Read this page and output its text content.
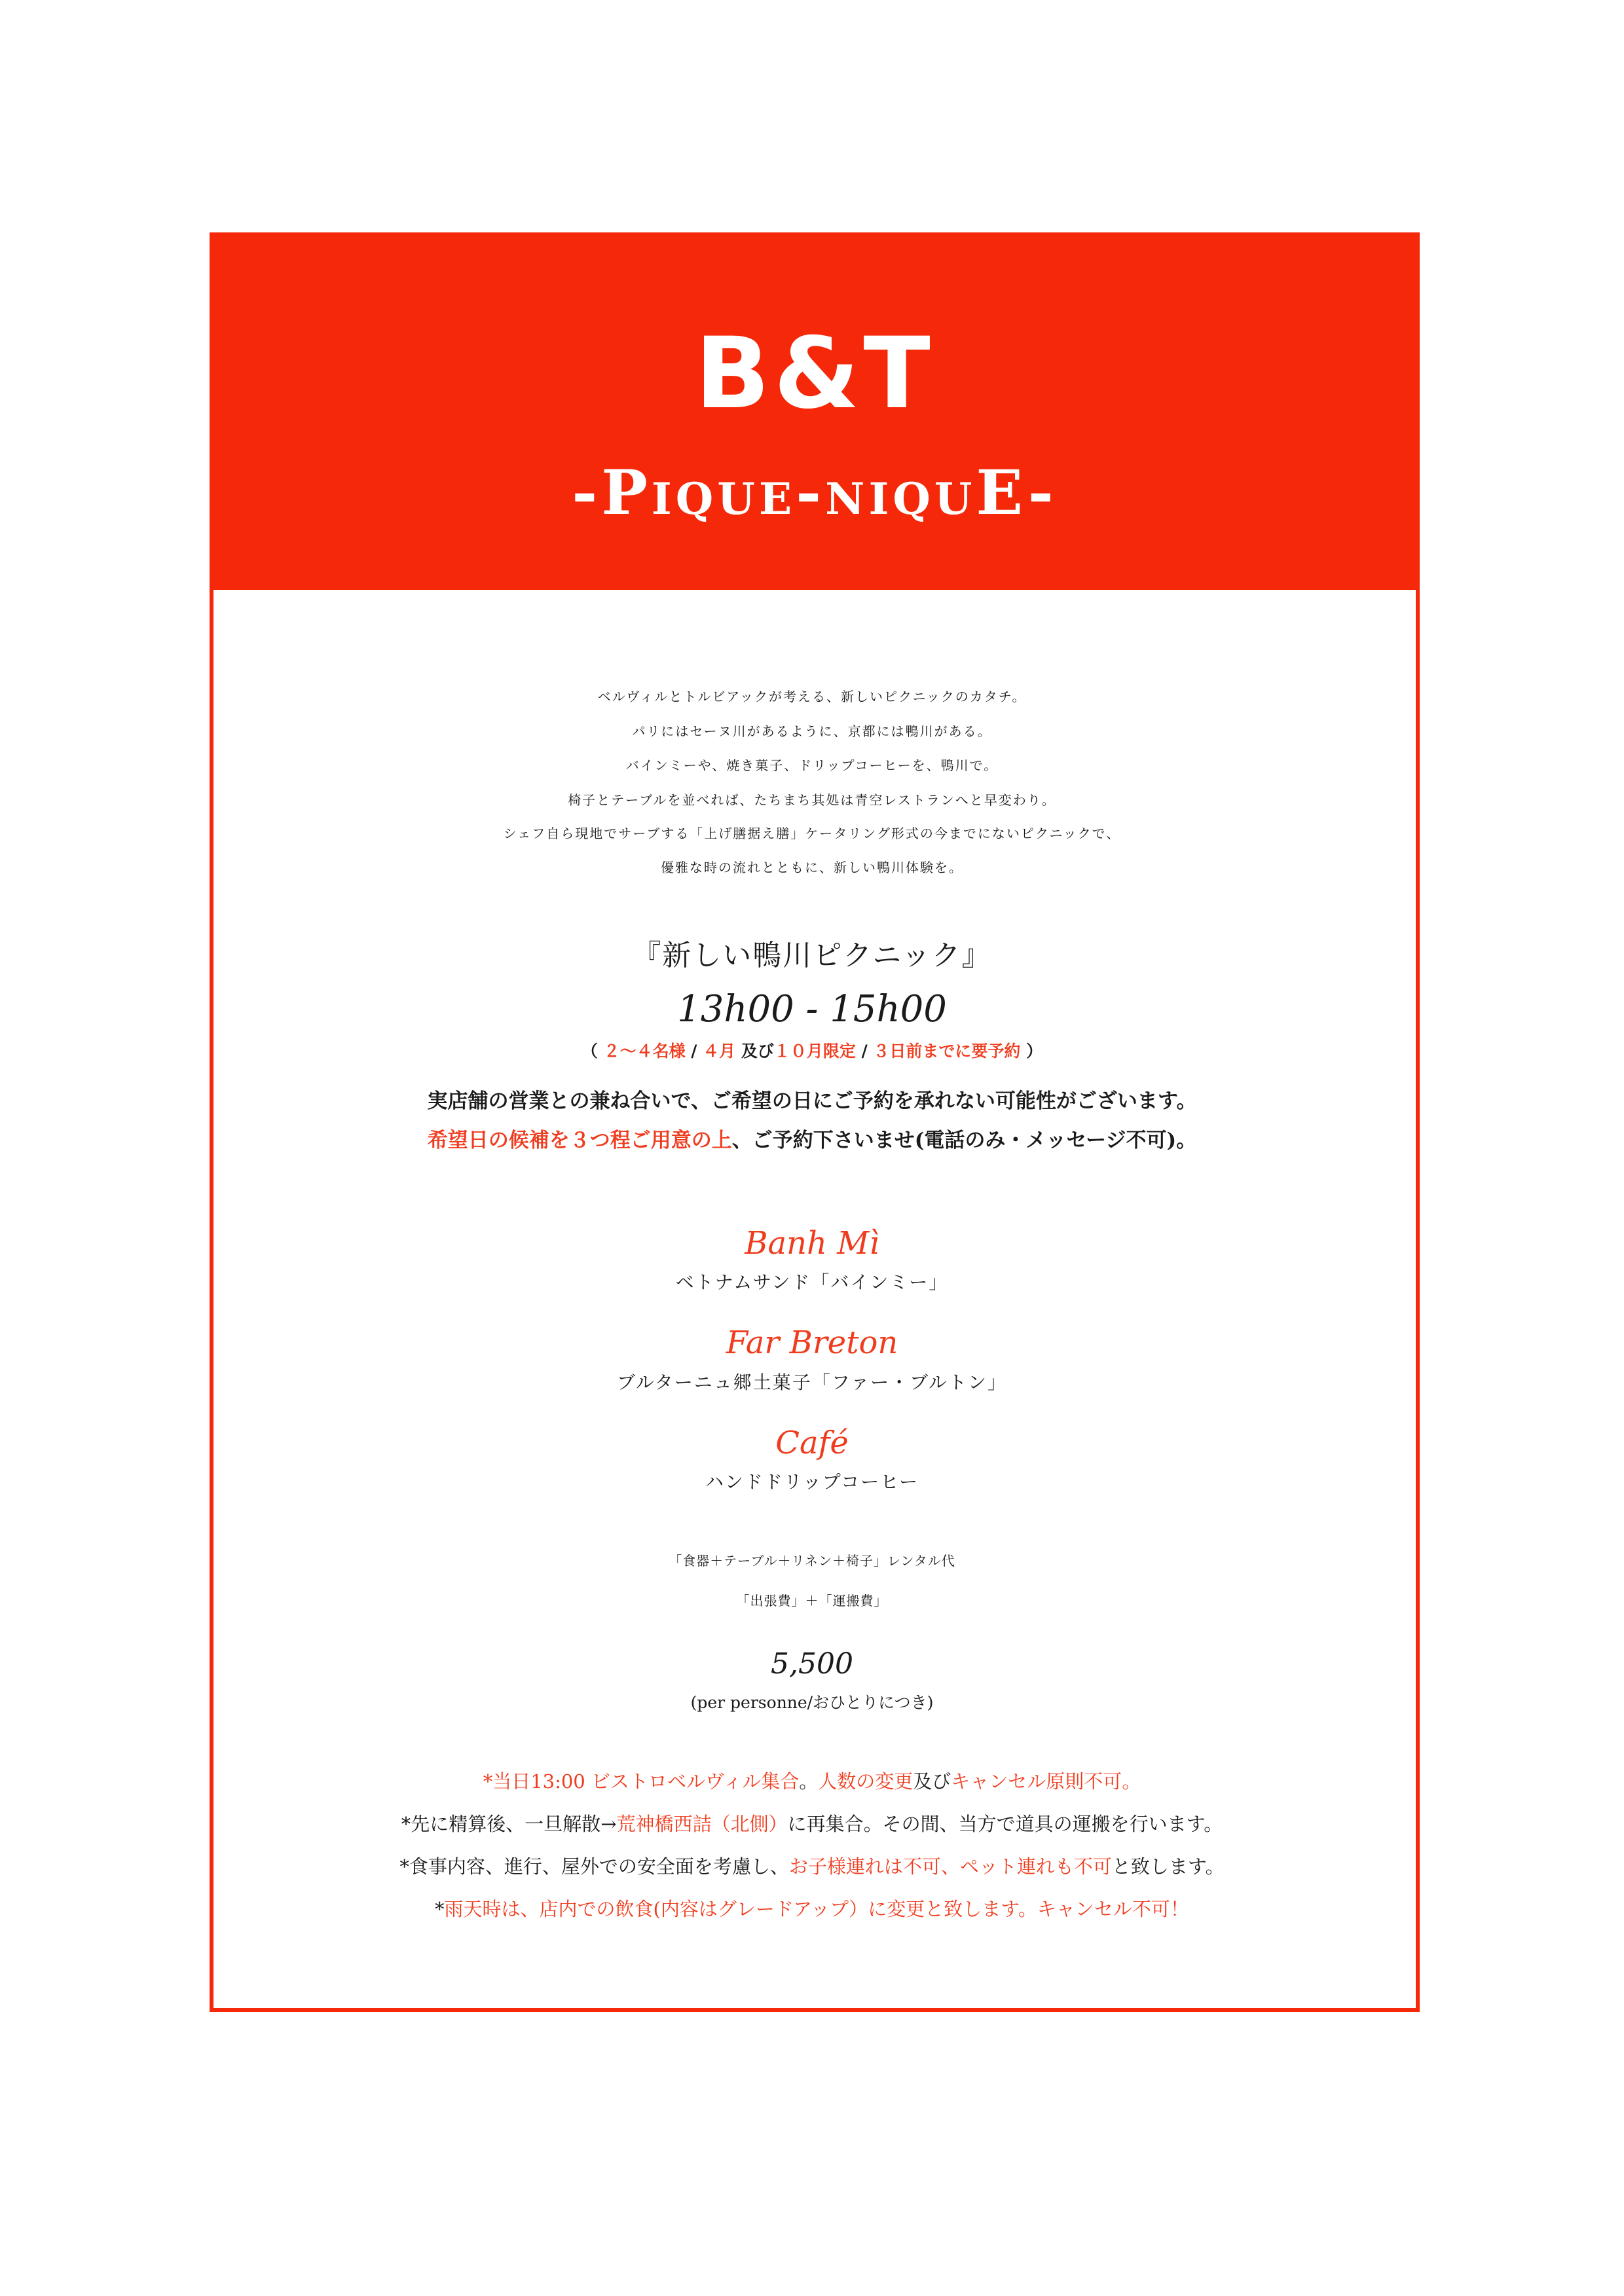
B&T
-Pique-niquE-
ベルヴィルとトルビアックが考える、新しいピクニックのカタチ。
パリにはセーヌ川があるように、京都には鴨川がある。
バインミーや、焼き菓子、ドリップコーヒーを、鴨川で。
椅子とテーブルを並べれば、たちまち其処は青空レストランへと早変わり。
シェフ自ら現地でサーブする「上げ膳据え膳」ケータリング形式の今までにないピクニックで、
優雅な時の流れとともに、新しい鴨川体験を。
『新しい鴨川ピクニック』
13h00 - 15h00
（ ２～４名様 / ４月 及び１０月限定 / ３日前までに要予約 ）
実店舗の営業との兼ね合いで、ご希望の日にご予約を承れない可能性がございます。
希望日の候補を３つ程ご用意の上、ご予約下さいませ(電話のみ・メッセージ不可)。
Banh Mì
ベトナムサンド「バインミー」
Far Breton
ブルターニュ郷土菓子「ファー・ブルトン」
Café
ハンドドリップコーヒー
「食器＋テーブル＋リネン＋椅子」レンタル代
「出張費」＋「運搬費」
5,500
(per personne/おひとりにつき)
*当日13:00 ビストロベルヴィル集合。人数の変更及びキャンセル原則不可。
*先に精算後、一旦解散→荒神橋西詰（北側）に再集合。その間、当方で道具の運搬を行います。
*食事内容、進行、屋外での安全面を考慮し、お子様連れは不可、ペット連れも不可と致します。
*雨天時は、店内での飲食(内容はグレードアップ）に変更と致します。キャンセル不可！
